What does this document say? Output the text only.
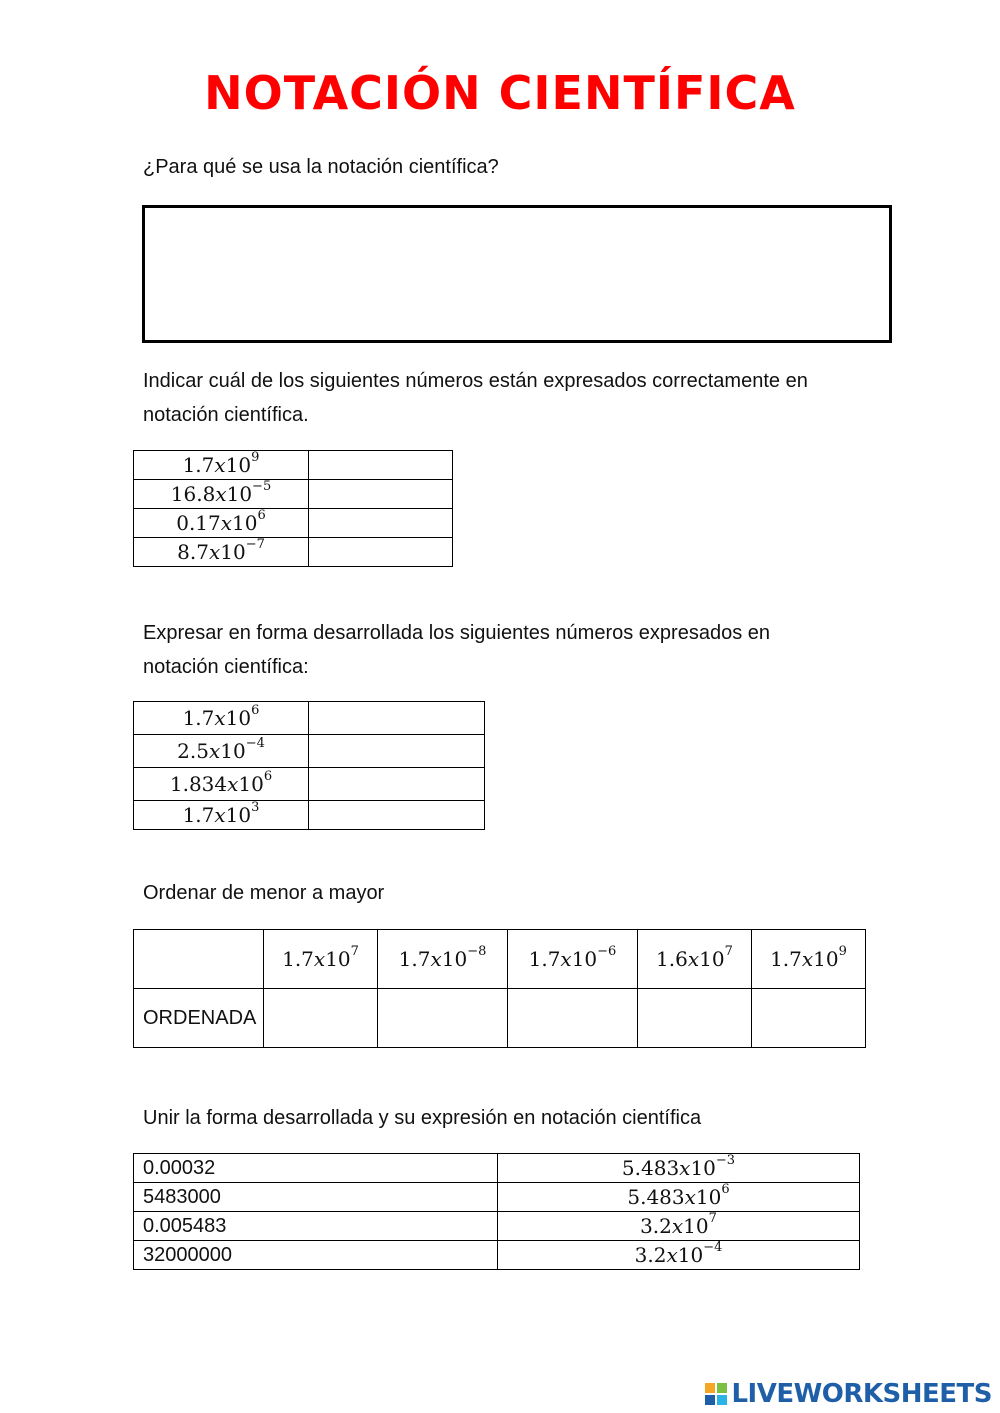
NOTACIÓN CIENTÍFICA

¿Para qué se usa la notación científica?

Indicar cuál de los siguientes números están expresados correctamente en

notación científica.

$1.7x10^9$	
$16.8x10^{-5}$	
$0.17x10^6$	
$8.7x10^{-7}$	

Expresar en forma desarrollada los siguientes números expresados en

notación científica:

$1.7x10^6$	
$2.5x10^{-4}$	
$1.834x10^6$	
$1.7x10^3$	

Ordenar de menor a mayor

	$1.7x10^7$	$1.7x10^{-8}$	$1.7x10^{-6}$	$1.6x10^7$	$1.7x10^9$
ORDENADA					

Unir la forma desarrollada y su expresión en notación científica

0.00032	$5.483x10^{-3}$
5483000	$5.483x10^6$
0.005483	$3.2x10^7$
32000000	$3.2x10^{-4}$
LIVEWORKSHEETS
